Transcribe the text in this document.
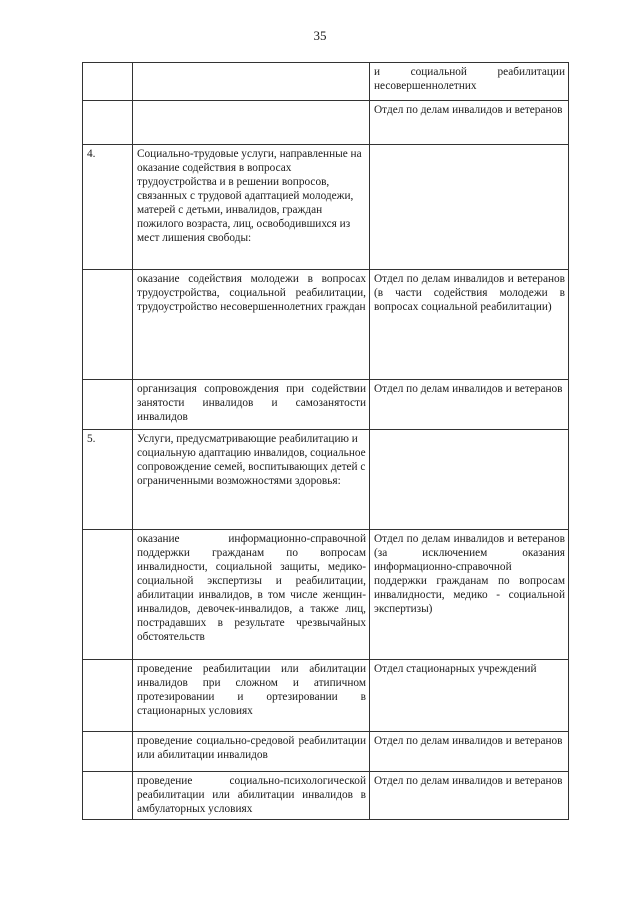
35
		и социальной реабилитации несовершеннолетних
		Отдел по делам инвалидов и ветеранов
4.	Социально-трудовые услуги, направленные на оказание содействия в вопросах трудоустройства и в решении вопросов, связанных с трудовой адаптацией молодежи, матерей с детьми, инвалидов, граждан пожилого возраста, лиц, освободившихся из мест лишения свободы:	
	оказание содействия молодежи в вопросах трудоустройства, социальной реабилитации, трудоустройство несовершеннолетних граждан	Отдел по делам инвалидов и ветеранов (в части содействия молодежи в вопросах социальной реабилитации)
	организация сопровождения при содействии занятости инвалидов и самозанятости инвалидов	Отдел по делам инвалидов и ветеранов
5.	Услуги, предусматривающие реабилитацию и социальную адаптацию инвалидов, социальное сопровождение семей, воспитывающих детей с ограниченными возможностями здоровья:	
	оказание информационно-справочной поддержки гражданам по вопросам инвалидности, социальной защиты, медико-социальной экспертизы и реабилитации, абилитации инвалидов, в том числе женщин-инвалидов, девочек-инвалидов, а также лиц, пострадавших в результате чрезвычайных обстоятельств	Отдел по делам инвалидов и ветеранов (за исключением оказания информационно-справочной поддержки гражданам по вопросам инвалидности, медико - социальной экспертизы)
	проведение реабилитации или абилитации инвалидов при сложном и атипичном протезировании и ортезировании в стационарных условиях	Отдел стационарных учреждений
	проведение социально-средовой реабилитации или абилитации инвалидов	Отдел по делам инвалидов и ветеранов
	проведение социально-психологической реабилитации или абилитации инвалидов в амбулаторных условиях	Отдел по делам инвалидов и ветеранов
